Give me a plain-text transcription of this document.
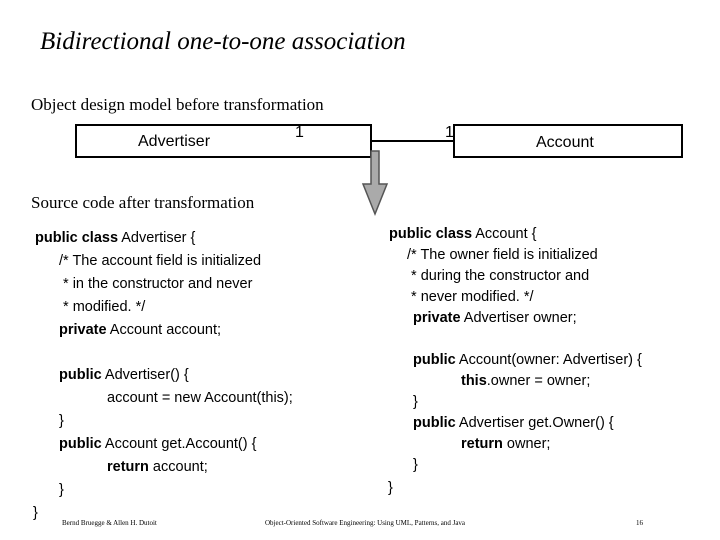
Bidirectional one-to-one association
Object design model before transformation
Advertiser	Account
1	1
Source code after transformation
public class Advertiser {
/* The account field is initialized
* in the constructor and never
* modified. */
private Account account;
public Advertiser() {
account = new Account(this);
}
public Account get.Account() {
return account;
}
}
public class Account {
/* The owner field is initialized
* during the constructor and
* never modified. */
private Advertiser owner;
public Account(owner: Advertiser) {
this.owner = owner;
}
public Advertiser get.Owner() {
return owner;
}
}
Bernd Bruegge & Allen H. Dutoit	Object-Oriented Software Engineering: Using UML, Patterns, and Java	16
